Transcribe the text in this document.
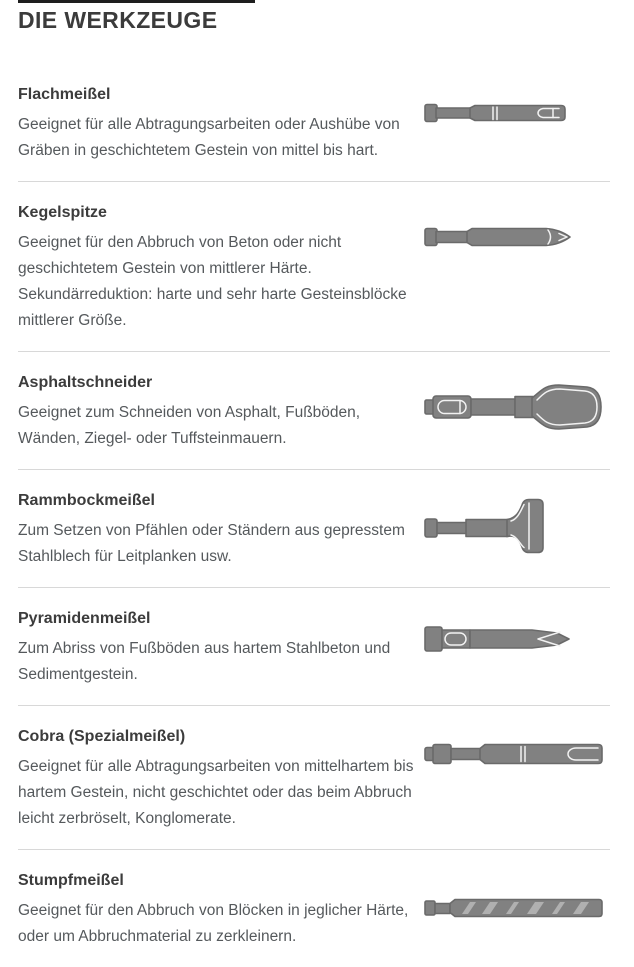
DIE WERKZEUGE
Flachmeißel

Geeignet für alle Abtragungsarbeiten oder Aushübe von Gräben in geschichtetem Gestein von mittel bis hart.

Kegelspitze

Geeignet für den Abbruch von Beton oder nicht geschichtetem Gestein von mittlerer Härte. Sekundärreduktion: harte und sehr harte Gesteinsblöcke mittlerer Größe.

Asphaltschneider

Geeignet zum Schneiden von Asphalt, Fußböden, Wänden, Ziegel- oder Tuffsteinmauern.

Rammbockmeißel

Zum Setzen von Pfählen oder Ständern aus gepresstem Stahlblech für Leitplanken usw.

Pyramidenmeißel

Zum Abriss von Fußböden aus hartem Stahlbeton und Sedimentgestein.

Cobra (Spezialmeißel)

Geeignet für alle Abtragungsarbeiten von mittelhartem bis hartem Gestein, nicht geschichtet oder das beim Abbruch leicht zerbröselt, Konglomerate.

Stumpfmeißel

Geeignet für den Abbruch von Blöcken in jeglicher Härte, oder um Abbruchmaterial zu zerkleinern.
